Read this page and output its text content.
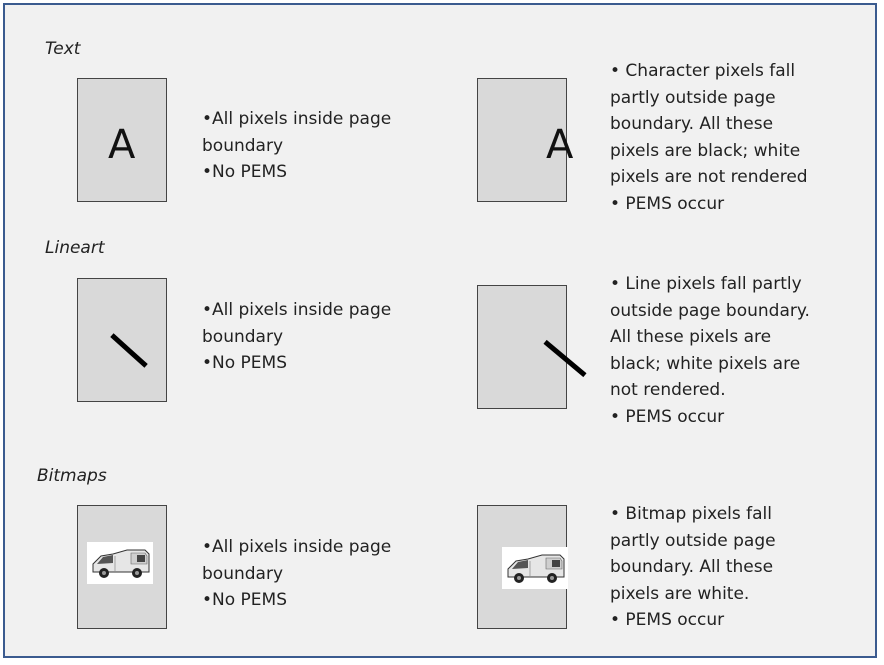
Text
A
•All pixels inside page
boundary
•No PEMS
A
• Character pixels fall
partly outside page
boundary. All these
pixels are black; white
pixels are not rendered
• PEMS occur
Lineart
•All pixels inside page
boundary
•No PEMS
• Line pixels fall partly
outside page boundary.
All these pixels are
black; white pixels are
not rendered.
• PEMS occur
Bitmaps
•All pixels inside page
boundary
•No PEMS
• Bitmap pixels fall
partly outside page
boundary. All these
pixels are white.
• PEMS occur
